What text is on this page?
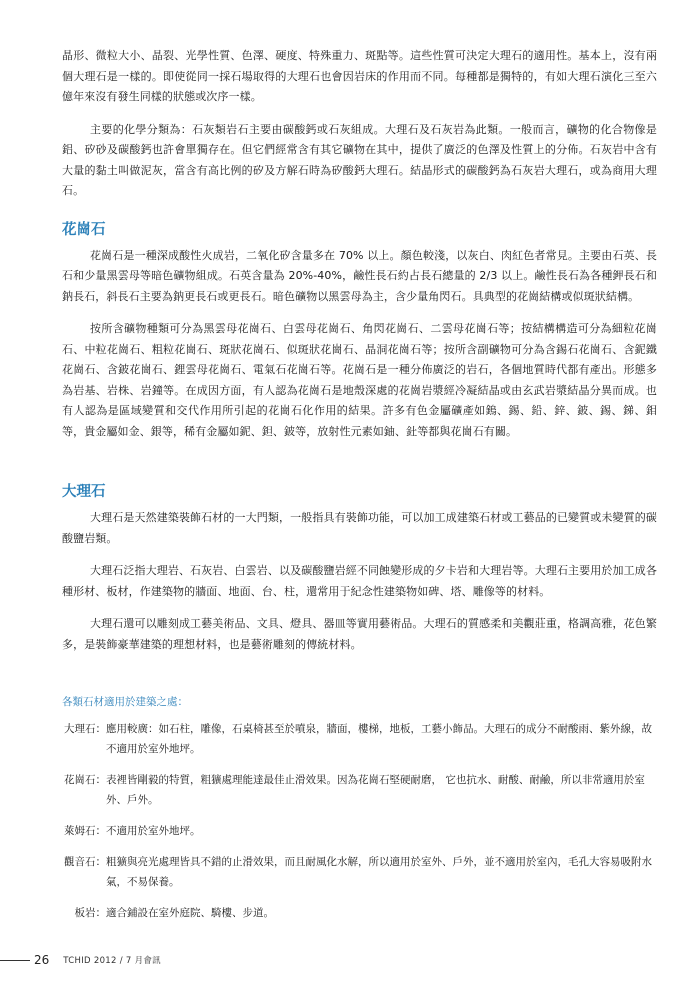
晶形、微粒大小、晶裂、光學性質、色澤、硬度、特殊重力、斑點等。這些性質可決定大理石的適用性。基本上，沒有兩個大理石是一樣的。即使從同一採石場取得的大理石也會因岩床的作用而不同。每種都是獨特的，有如大理石演化三至六億年來沒有發生同樣的狀態或次序一樣。

主要的化學分類為：石灰類岩石主要由碳酸鈣或石灰組成。大理石及石灰岩為此類。一般而言，礦物的化合物像是鋁、矽砂及碳酸鈣也許會單獨存在。但它們經常含有其它礦物在其中，提供了廣泛的色澤及性質上的分佈。石灰岩中含有大量的黏土叫做泥灰，當含有高比例的矽及方解石時為矽酸鈣大理石。結晶形式的碳酸鈣為石灰岩大理石，或為商用大理石。

花崗石

花崗石是一種深成酸性火成岩，二氧化矽含量多在 70% 以上。顏色較淺，以灰白、肉紅色者常見。主要由石英、長石和少量黑雲母等暗色礦物組成。石英含量為 20%-40%，鹼性長石約占長石總量的 2/3 以上。鹼性長石為各種鉀長石和鈉長石，斜長石主要為鈉更長石或更長石。暗色礦物以黑雲母為主，含少量角閃石。具典型的花崗結構或似斑狀結構。

按所含礦物種類可分為黑雲母花崗石、白雲母花崗石、角閃花崗石、二雲母花崗石等；按結構構造可分為細粒花崗石、中粒花崗石、粗粒花崗石、斑狀花崗石、似斑狀花崗石、晶洞花崗石等；按所含副礦物可分為含錫石花崗石、含鈮鐵花崗石、含鈹花崗石、鋰雲母花崗石、電氣石花崗石等。花崗石是一種分佈廣泛的岩石，各個地質時代都有產出。形態多為岩基、岩株、岩鐘等。在成因方面，有人認為花崗石是地殼深處的花崗岩漿經冷凝結晶或由玄武岩漿結晶分異而成。也有人認為是區域變質和交代作用所引起的花崗石化作用的結果。許多有色金屬礦產如鎢、錫、鉛、鋅、鈹、錫、銻、鉬等，貴金屬如金、銀等，稀有金屬如鈮、鉭、鈹等，放射性元素如鈾、釷等都與花崗石有關。

大理石

大理石是天然建築裝飾石材的一大門類，一般指具有裝飾功能，可以加工成建築石材或工藝品的已變質或未變質的碳酸鹽岩類。

大理石泛指大理岩、石灰岩、白雲岩、以及碳酸鹽岩經不同蝕變形成的夕卡岩和大理岩等。大理石主要用於加工成各種形材、板材，作建築物的牆面、地面、台、柱，還常用于紀念性建築物如碑、塔、雕像等的材料。

大理石還可以雕刻成工藝美術品、文具、燈具、器皿等實用藝術品。大理石的質感柔和美觀莊重，格調高雅，花色繁多，是裝飾豪華建築的理想材料，也是藝術雕刻的傳統材料。

各類石材適用於建築之處：
大理石： 應用較廣：如石柱，雕像，石桌椅甚至於噴泉，牆面，樓梯，地板，工藝小飾品。大理石的成分不耐酸雨、紫外線，故不適用於室外地坪。
花崗石： 表裡皆剛毅的特質，粗獷處理能達最佳止滑效果。因為花崗石堅硬耐磨， 它也抗水、耐酸、耐鹼，所以非常適用於室外、戶外。
萊姆石： 不適用於室外地坪。
觀音石： 粗獷與亮光處理皆具不錯的止滑效果，而且耐風化水解，所以適用於室外、戶外，並不適用於室內，毛孔大容易吸附水氣，不易保養。
板岩： 適合鋪設在室外庭院、騎樓、步道。
26 TCHID 2012 / 7 月會訊
